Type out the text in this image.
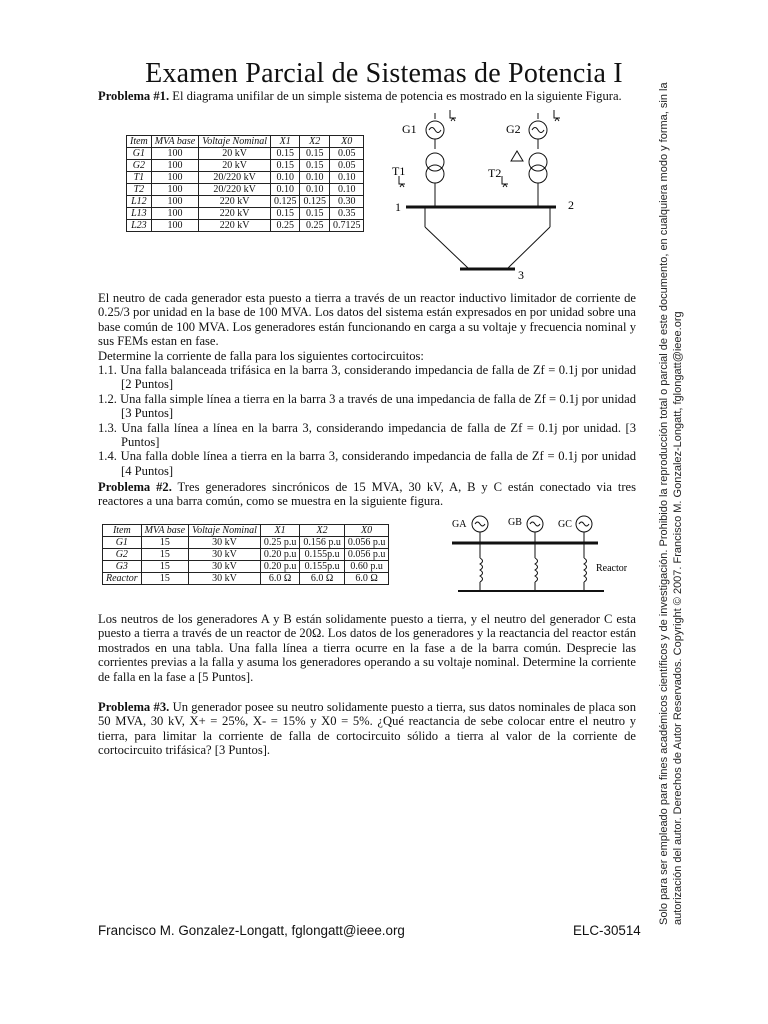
Examen Parcial de Sistemas de Potencia I
Problema #1. El diagrama unifilar de un simple sistema de potencia es mostrado en la siguiente Figura.
Item	MVA base	Voltaje Nominal	X1	X2	X0
G1	100	20 kV	0.15	0.15	0.05
G2	100	20 kV	0.15	0.15	0.05
T1	100	20/220 kV	0.10	0.10	0.10
T2	100	20/220 kV	0.10	0.10	0.10
L12	100	220 kV	0.125	0.125	0.30
L13	100	220 kV	0.15	0.15	0.35
L23	100	220 kV	0.25	0.25	0.7125
G1	G2
T1	T2
1	2
3
El neutro de cada generador esta puesto a tierra a través de un reactor inductivo limitador de corriente de 0.25/3 por unidad en la base de 100 MVA. Los datos del sistema están expresados en por unidad sobre una base común de 100 MVA. Los generadores están funcionando en carga a su voltaje y frecuencia nominal y sus FEMs estan en fase.
Determine la corriente de falla para los siguientes cortocircuitos:
1.1. Una falla balanceada trifásica en la barra 3, considerando impedancia de falla de Zf = 0.1j por unidad [2 Puntos]
1.2. Una falla simple línea a tierra en la barra 3 a través de una impedancia de falla de Zf = 0.1j por unidad [3 Puntos]
1.3. Una falla línea a línea en la barra 3, considerando impedancia de falla de Zf = 0.1j por unidad. [3 Puntos]
1.4. Una falla doble línea a tierra en la barra 3, considerando impedancia de falla de Zf = 0.1j por unidad [4 Puntos]
Problema #2. Tres generadores sincrónicos de 15 MVA, 30 kV, A, B y C están conectado via tres reactores a una barra común, como se muestra en la siguiente figura.
Item	MVA base	Voltaje Nominal	X1	X2	X0
G1	15	30 kV	0.25 p.u	0.156 p.u	0.056 p.u
G2	15	30 kV	0.20 p.u	0.155p.u	0.056 p.u
G3	15	30 kV	0.20 p.u	0.155p.u	0.60 p.u
Reactor	15	30 kV	6.0 Ω	6.0 Ω	6.0 Ω
GA	GB	GC
Reactor
Los neutros de los generadores A y B están solidamente puesto a tierra, y el neutro del generador C esta puesto a tierra a través de un reactor de 20Ω. Los datos de los generadores y la reactancia del reactor están mostrados en una tabla. Una falla línea a tierra ocurre en la fase a de la barra común. Desprecie las corrientes previas a la falla y asuma los generadores operando a su voltaje nominal. Determine la corriente de falla en la fase a [5 Puntos].
Problema #3. Un generador posee su neutro solidamente puesto a tierra, sus datos nominales de placa son 50 MVA, 30 kV, X+ = 25%, X- = 15% y X0 = 5%. ¿Qué reactancia de sebe colocar entre el neutro y tierra, para limitar la corriente de falla de cortocircuito sólido a tierra al valor de la corriente de cortocircuito trifásica? [3 Puntos].
Francisco M. Gonzalez-Longatt, fglongatt@ieee.org	ELC-30514
Solo para ser empleado para fines académicos científicos y de investigación. Prohibido la reproducción total o parcial de este documento, en cualquiera modo y forma, sin la autorización del autor. Derechos de Autor Reservados. Copyright © 2007. Francisco M. Gonzalez-Longatt, fglongatt@ieee.org
